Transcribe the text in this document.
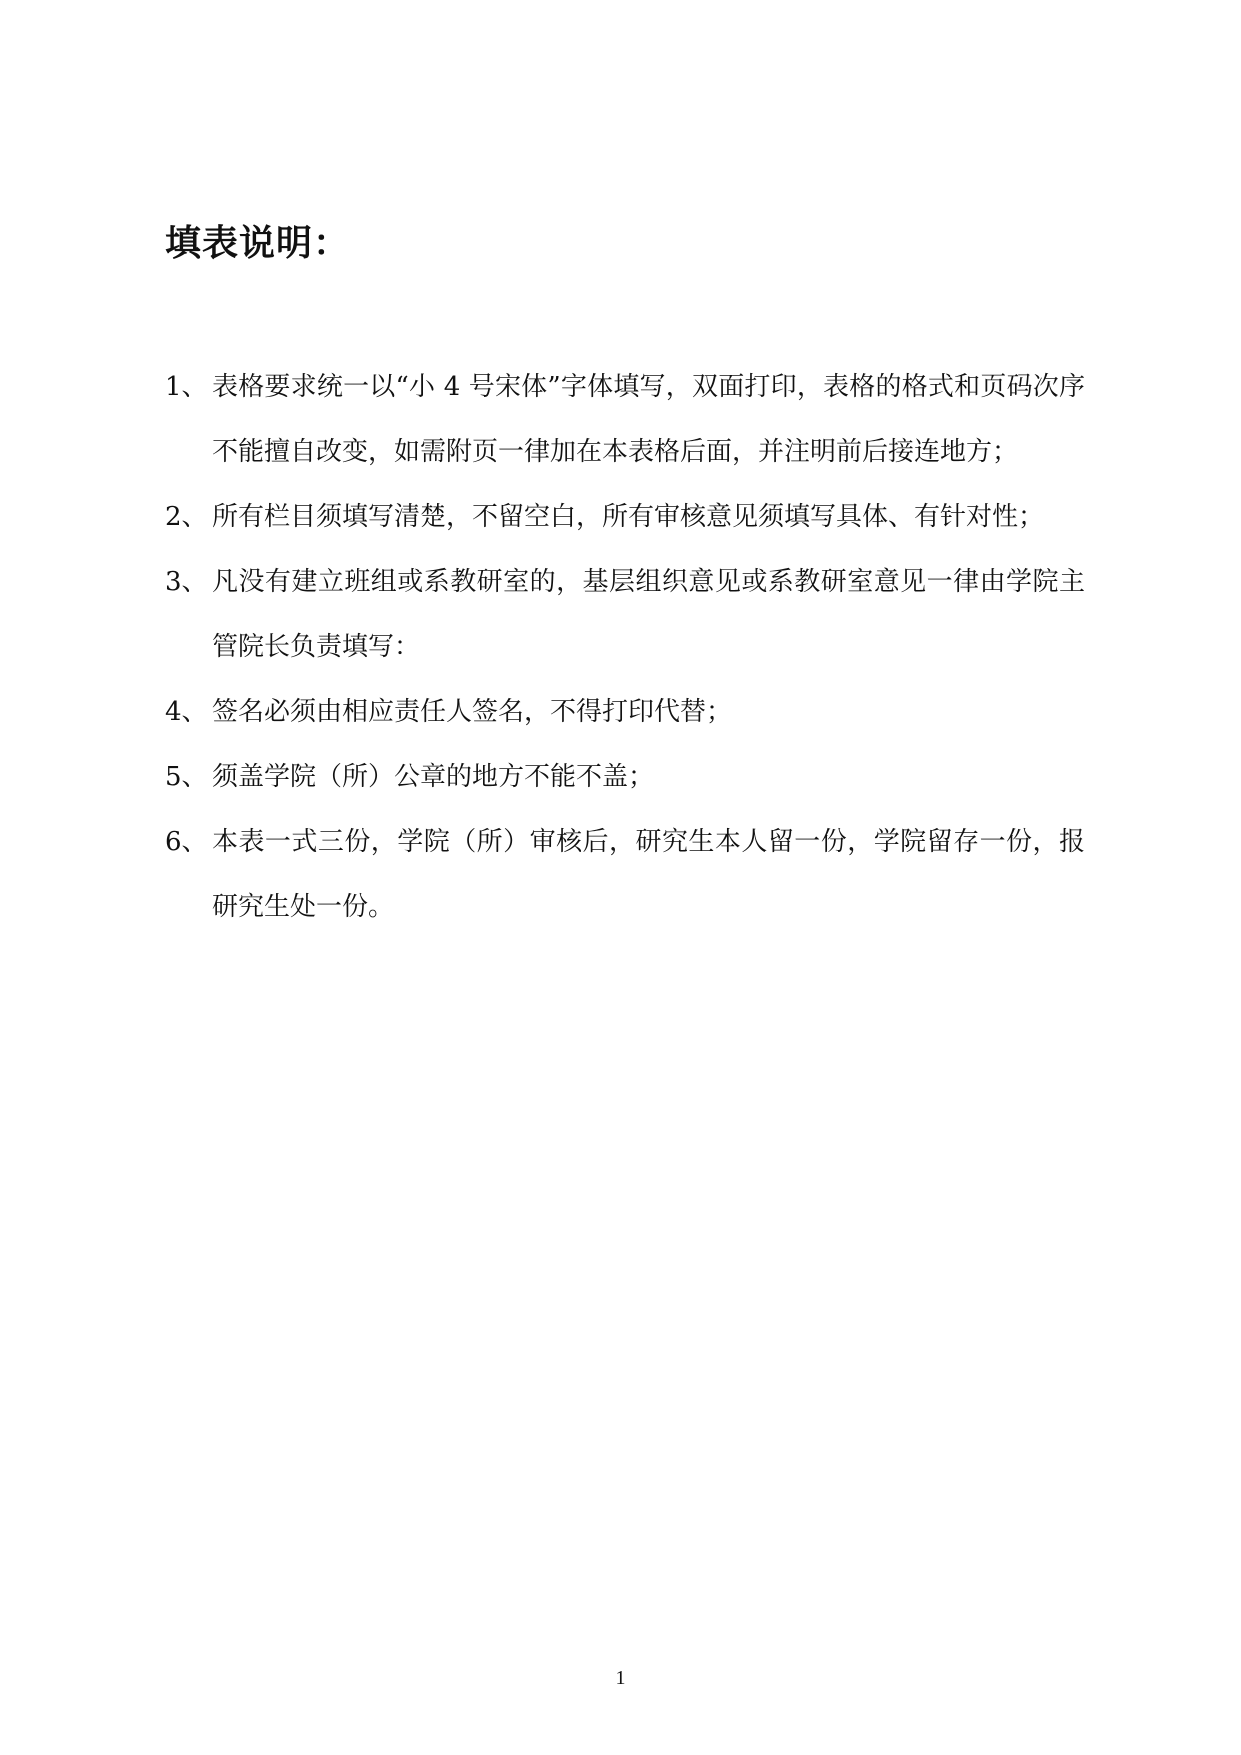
填表说明：
1、 表格要求统一以“小 4 号宋体”字体填写，双面打印，表格的格式和页码次序不能擅自改变，如需附页一律加在本表格后面，并注明前后接连地方；
2、 所有栏目须填写清楚，不留空白，所有审核意见须填写具体、有针对性；
3、 凡没有建立班组或系教研室的，基层组织意见或系教研室意见一律由学院主管院长负责填写：
4、 签名必须由相应责任人签名，不得打印代替；
5、 须盖学院（所）公章的地方不能不盖；
6、 本表一式三份，学院（所）审核后，研究生本人留一份，学院留存一份，报研究生处一份。
1
